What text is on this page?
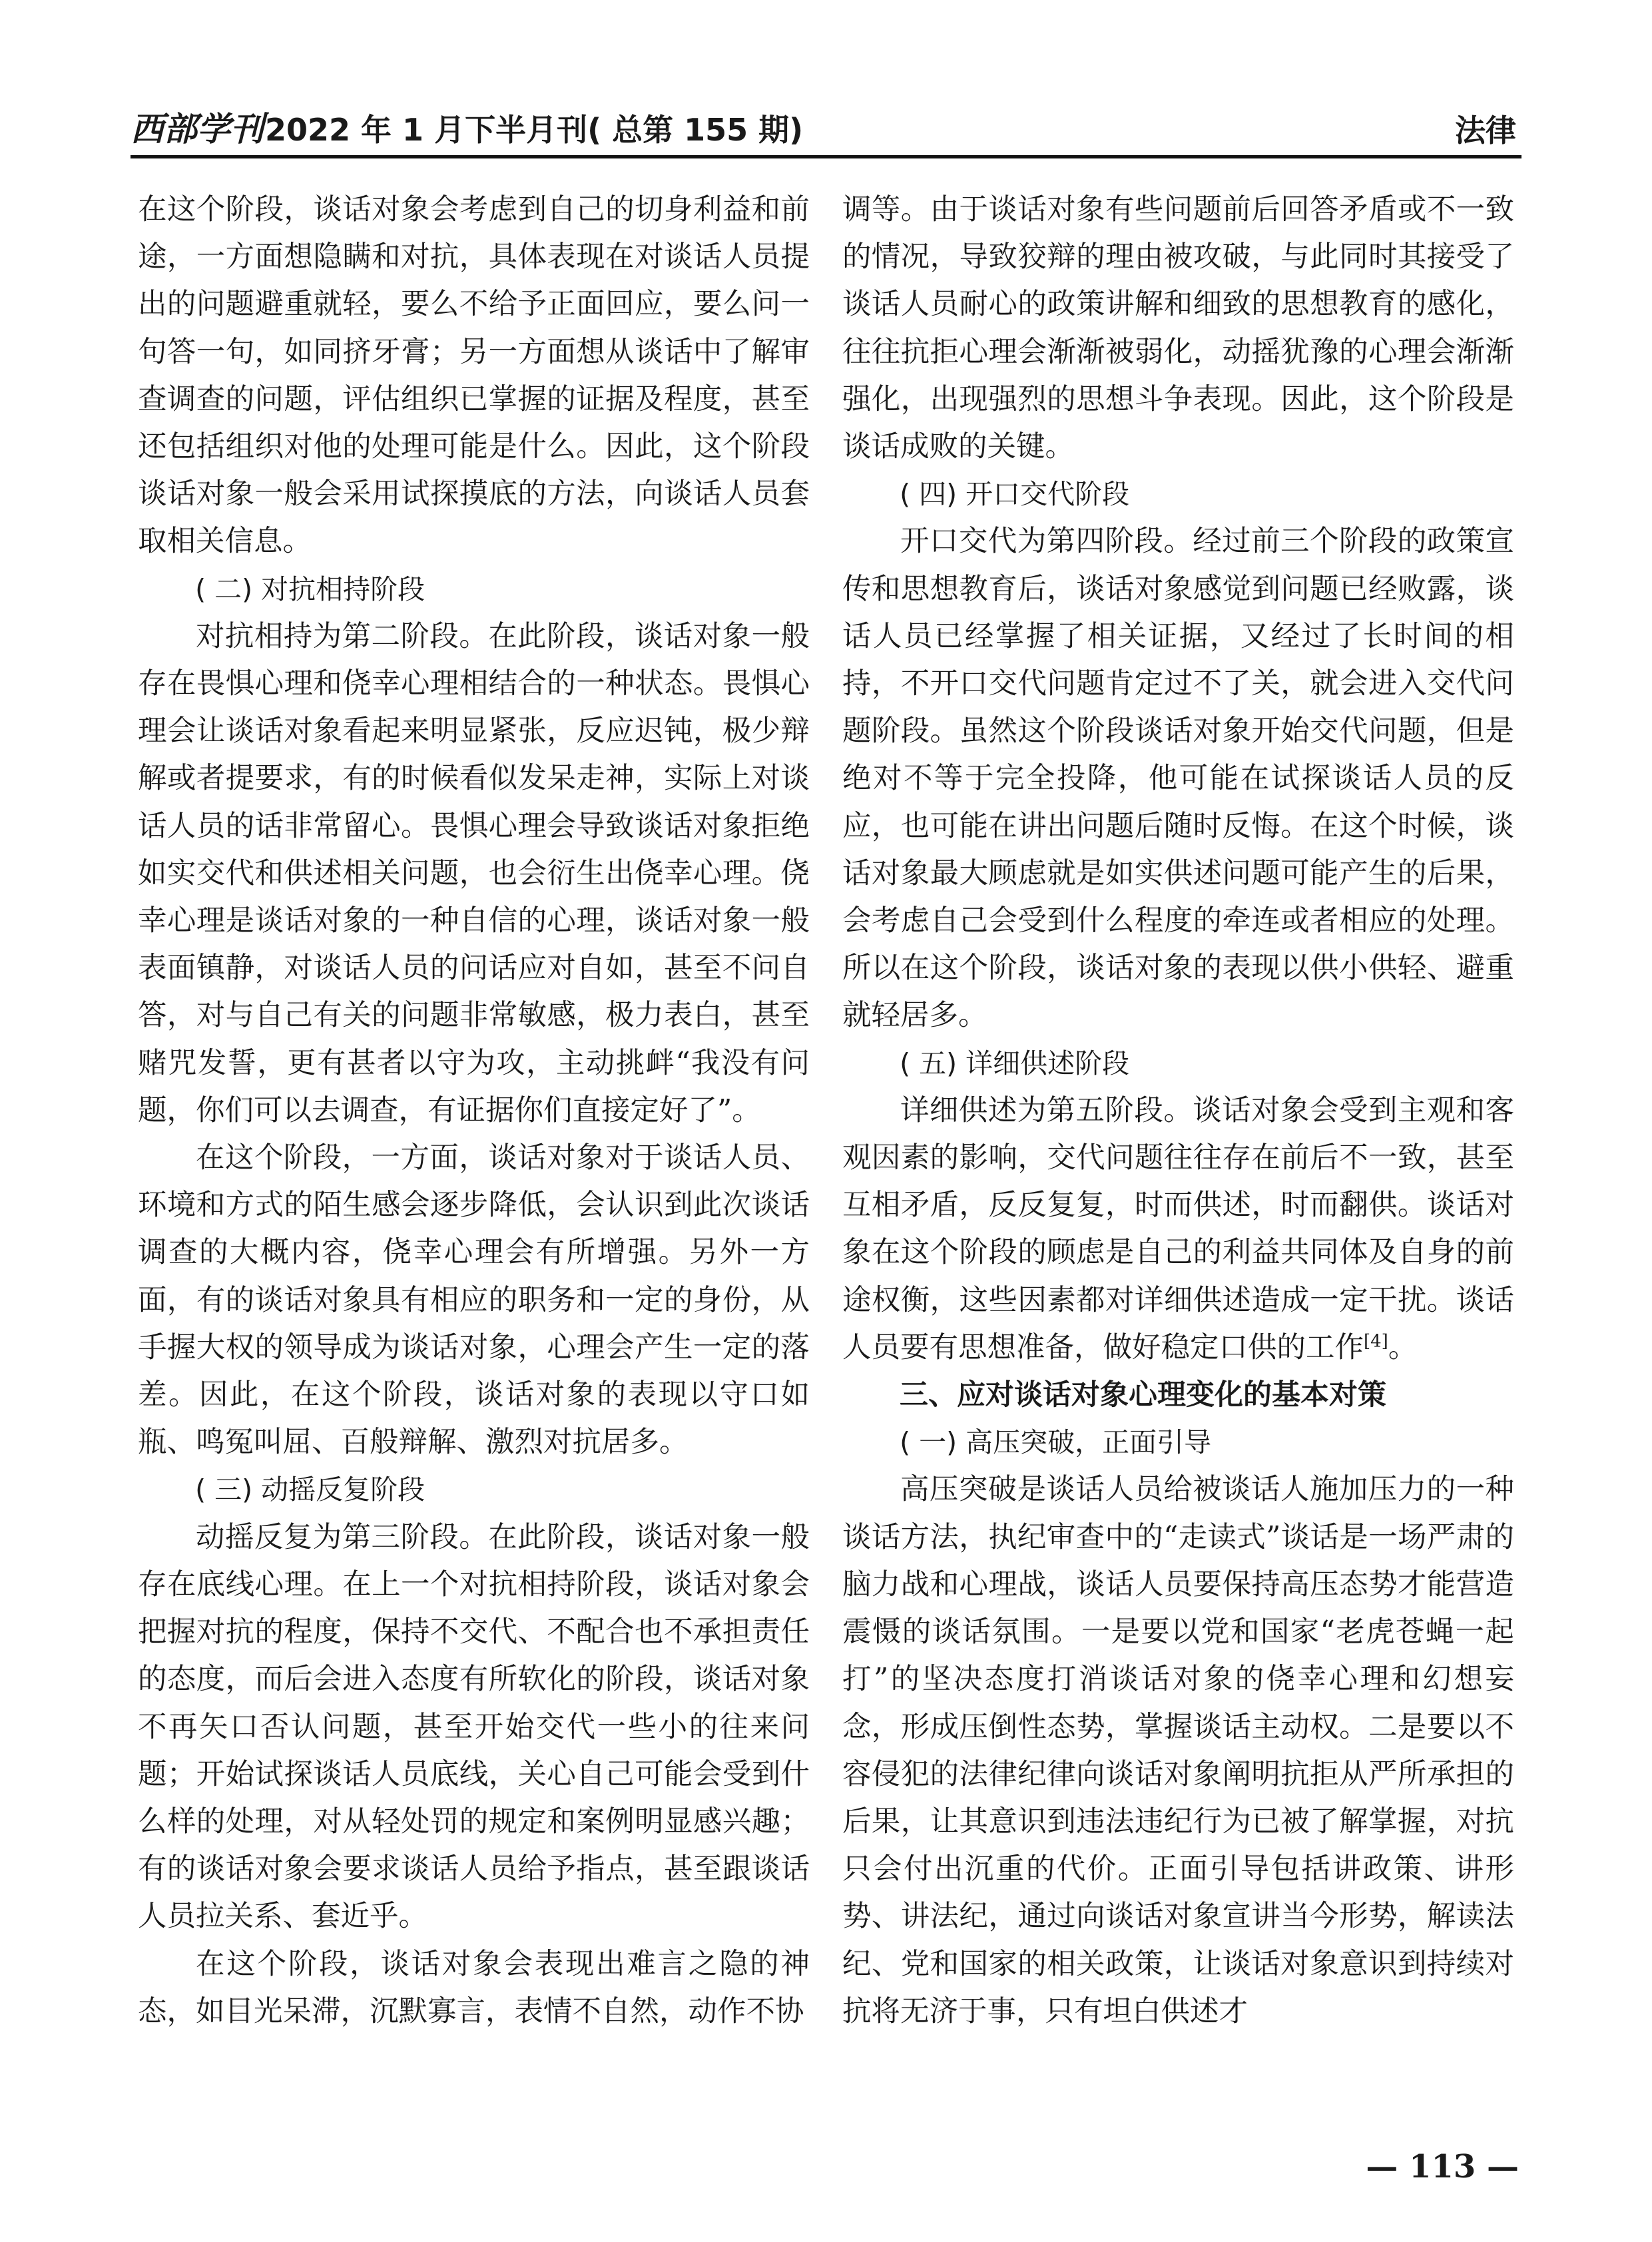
西部学刊2022 年 1 月下半月刊( 总第 155 期)	法律

在这个阶段，谈话对象会考虑到自己的切身利益和前途，一方面想隐瞒和对抗，具体表现在对谈话人员提出的问题避重就轻，要么不给予正面回应，要么问一句答一句，如同挤牙膏；另一方面想从谈话中了解审查调查的问题，评估组织已掌握的证据及程度，甚至还包括组织对他的处理可能是什么。因此，这个阶段谈话对象一般会采用试探摸底的方法，向谈话人员套取相关信息。

( 二) 对抗相持阶段

对抗相持为第二阶段。在此阶段，谈话对象一般存在畏惧心理和侥幸心理相结合的一种状态。畏惧心理会让谈话对象看起来明显紧张，反应迟钝，极少辩解或者提要求，有的时候看似发呆走神，实际上对谈话人员的话非常留心。畏惧心理会导致谈话对象拒绝如实交代和供述相关问题，也会衍生出侥幸心理。侥幸心理是谈话对象的一种自信的心理，谈话对象一般表面镇静，对谈话人员的问话应对自如，甚至不问自答，对与自己有关的问题非常敏感，极力表白，甚至赌咒发誓，更有甚者以守为攻，主动挑衅“我没有问题，你们可以去调查，有证据你们直接定好了”。

在这个阶段，一方面，谈话对象对于谈话人员、环境和方式的陌生感会逐步降低，会认识到此次谈话调查的大概内容，侥幸心理会有所增强。另外一方面，有的谈话对象具有相应的职务和一定的身份，从手握大权的领导成为谈话对象，心理会产生一定的落差。因此，在这个阶段，谈话对象的表现以守口如瓶、鸣冤叫屈、百般辩解、激烈对抗居多。

( 三) 动摇反复阶段

动摇反复为第三阶段。在此阶段，谈话对象一般存在底线心理。在上一个对抗相持阶段，谈话对象会把握对抗的程度，保持不交代、不配合也不承担责任的态度，而后会进入态度有所软化的阶段，谈话对象不再矢口否认问题，甚至开始交代一些小的往来问题；开始试探谈话人员底线，关心自己可能会受到什么样的处理，对从轻处罚的规定和案例明显感兴趣；有的谈话对象会要求谈话人员给予指点，甚至跟谈话人员拉关系、套近乎。

在这个阶段，谈话对象会表现出难言之隐的神态，如目光呆滞，沉默寡言，表情不自然，动作不协

调等。由于谈话对象有些问题前后回答矛盾或不一致的情况，导致狡辩的理由被攻破，与此同时其接受了谈话人员耐心的政策讲解和细致的思想教育的感化，往往抗拒心理会渐渐被弱化，动摇犹豫的心理会渐渐强化，出现强烈的思想斗争表现。因此，这个阶段是谈话成败的关键。

( 四) 开口交代阶段

开口交代为第四阶段。经过前三个阶段的政策宣传和思想教育后，谈话对象感觉到问题已经败露，谈话人员已经掌握了相关证据，又经过了长时间的相持，不开口交代问题肯定过不了关，就会进入交代问题阶段。虽然这个阶段谈话对象开始交代问题，但是绝对不等于完全投降，他可能在试探谈话人员的反应，也可能在讲出问题后随时反悔。在这个时候，谈话对象最大顾虑就是如实供述问题可能产生的后果，会考虑自己会受到什么程度的牵连或者相应的处理。所以在这个阶段，谈话对象的表现以供小供轻、避重就轻居多。

( 五) 详细供述阶段

详细供述为第五阶段。谈话对象会受到主观和客观因素的影响，交代问题往往存在前后不一致，甚至互相矛盾，反反复复，时而供述，时而翻供。谈话对象在这个阶段的顾虑是自己的利益共同体及自身的前途权衡，这些因素都对详细供述造成一定干扰。谈话人员要有思想准备，做好稳定口供的工作[4]。

三、应对谈话对象心理变化的基本对策
( 一) 高压突破，正面引导

高压突破是谈话人员给被谈话人施加压力的一种谈话方法，执纪审查中的“走读式”谈话是一场严肃的脑力战和心理战，谈话人员要保持高压态势才能营造震慑的谈话氛围。一是要以党和国家“老虎苍蝇一起打”的坚决态度打消谈话对象的侥幸心理和幻想妄念，形成压倒性态势，掌握谈话主动权。二是要以不容侵犯的法律纪律向谈话对象阐明抗拒从严所承担的后果，让其意识到违法违纪行为已被了解掌握，对抗只会付出沉重的代价。正面引导包括讲政策、讲形势、讲法纪，通过向谈话对象宣讲当今形势，解读法纪、党和国家的相关政策，让谈话对象意识到持续对抗将无济于事，只有坦白供述才

— 113 —
